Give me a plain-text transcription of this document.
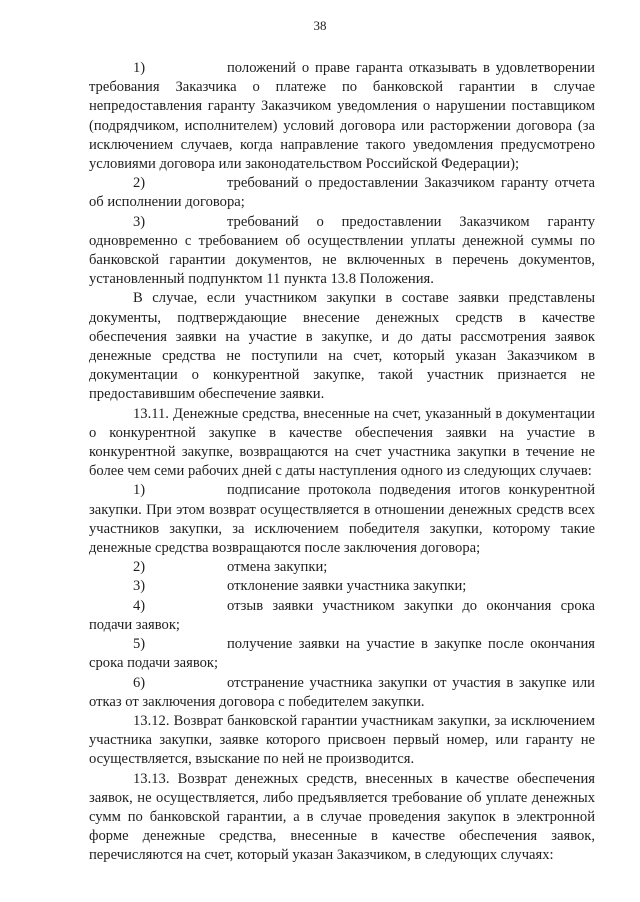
38

1)	положений о праве гаранта отказывать в удовлетворении требования Заказчика о платеже по банковской гарантии в случае непредоставления гаранту Заказчиком уведомления о нарушении поставщиком (подрядчиком, исполнителем) условий договора или расторжении договора (за исключением случаев, когда направление такого уведомления предусмотрено условиями договора или законодательством Российской Федерации);

2)	требований о предоставлении Заказчиком гаранту отчета об исполнении договора;

3)	требований о предоставлении Заказчиком гаранту одновременно с требованием об осуществлении уплаты денежной суммы по банковской гарантии документов, не включенных в перечень документов, установленный подпунктом 11 пункта 13.8 Положения.

В случае, если участником закупки в составе заявки представлены документы, подтверждающие внесение денежных средств в качестве обеспечения заявки на участие в закупке, и до даты рассмотрения заявок денежные средства не поступили на счет, который указан Заказчиком в документации о конкурентной закупке, такой участник признается не предоставившим обеспечение заявки.

13.11. Денежные средства, внесенные на счет, указанный в документации о конкурентной закупке в качестве обеспечения заявки на участие в конкурентной закупке, возвращаются на счет участника закупки в течение не более чем семи рабочих дней с даты наступления одного из следующих случаев:

1)	подписание протокола подведения итогов конкурентной закупки. При этом возврат осуществляется в отношении денежных средств всех участников закупки, за исключением победителя закупки, которому такие денежные средства возвращаются после заключения договора;

2)	отмена закупки;

3)	отклонение заявки участника закупки;

4)	отзыв заявки участником закупки до окончания срока подачи заявок;

5)	получение заявки на участие в закупке после окончания срока подачи заявок;

6)	отстранение участника закупки от участия в закупке или отказ от заключения договора с победителем закупки.

13.12. Возврат банковской гарантии участникам закупки, за исключением участника закупки, заявке которого присвоен первый номер, или гаранту не осуществляется, взыскание по ней не производится.

13.13. Возврат денежных средств, внесенных в качестве обеспечения заявок, не осуществляется, либо предъявляется требование об уплате денежных сумм по банковской гарантии, а в случае проведения закупок в электронной форме денежные средства, внесенные в качестве обеспечения заявок, перечисляются на счет, который указан Заказчиком, в следующих случаях:
